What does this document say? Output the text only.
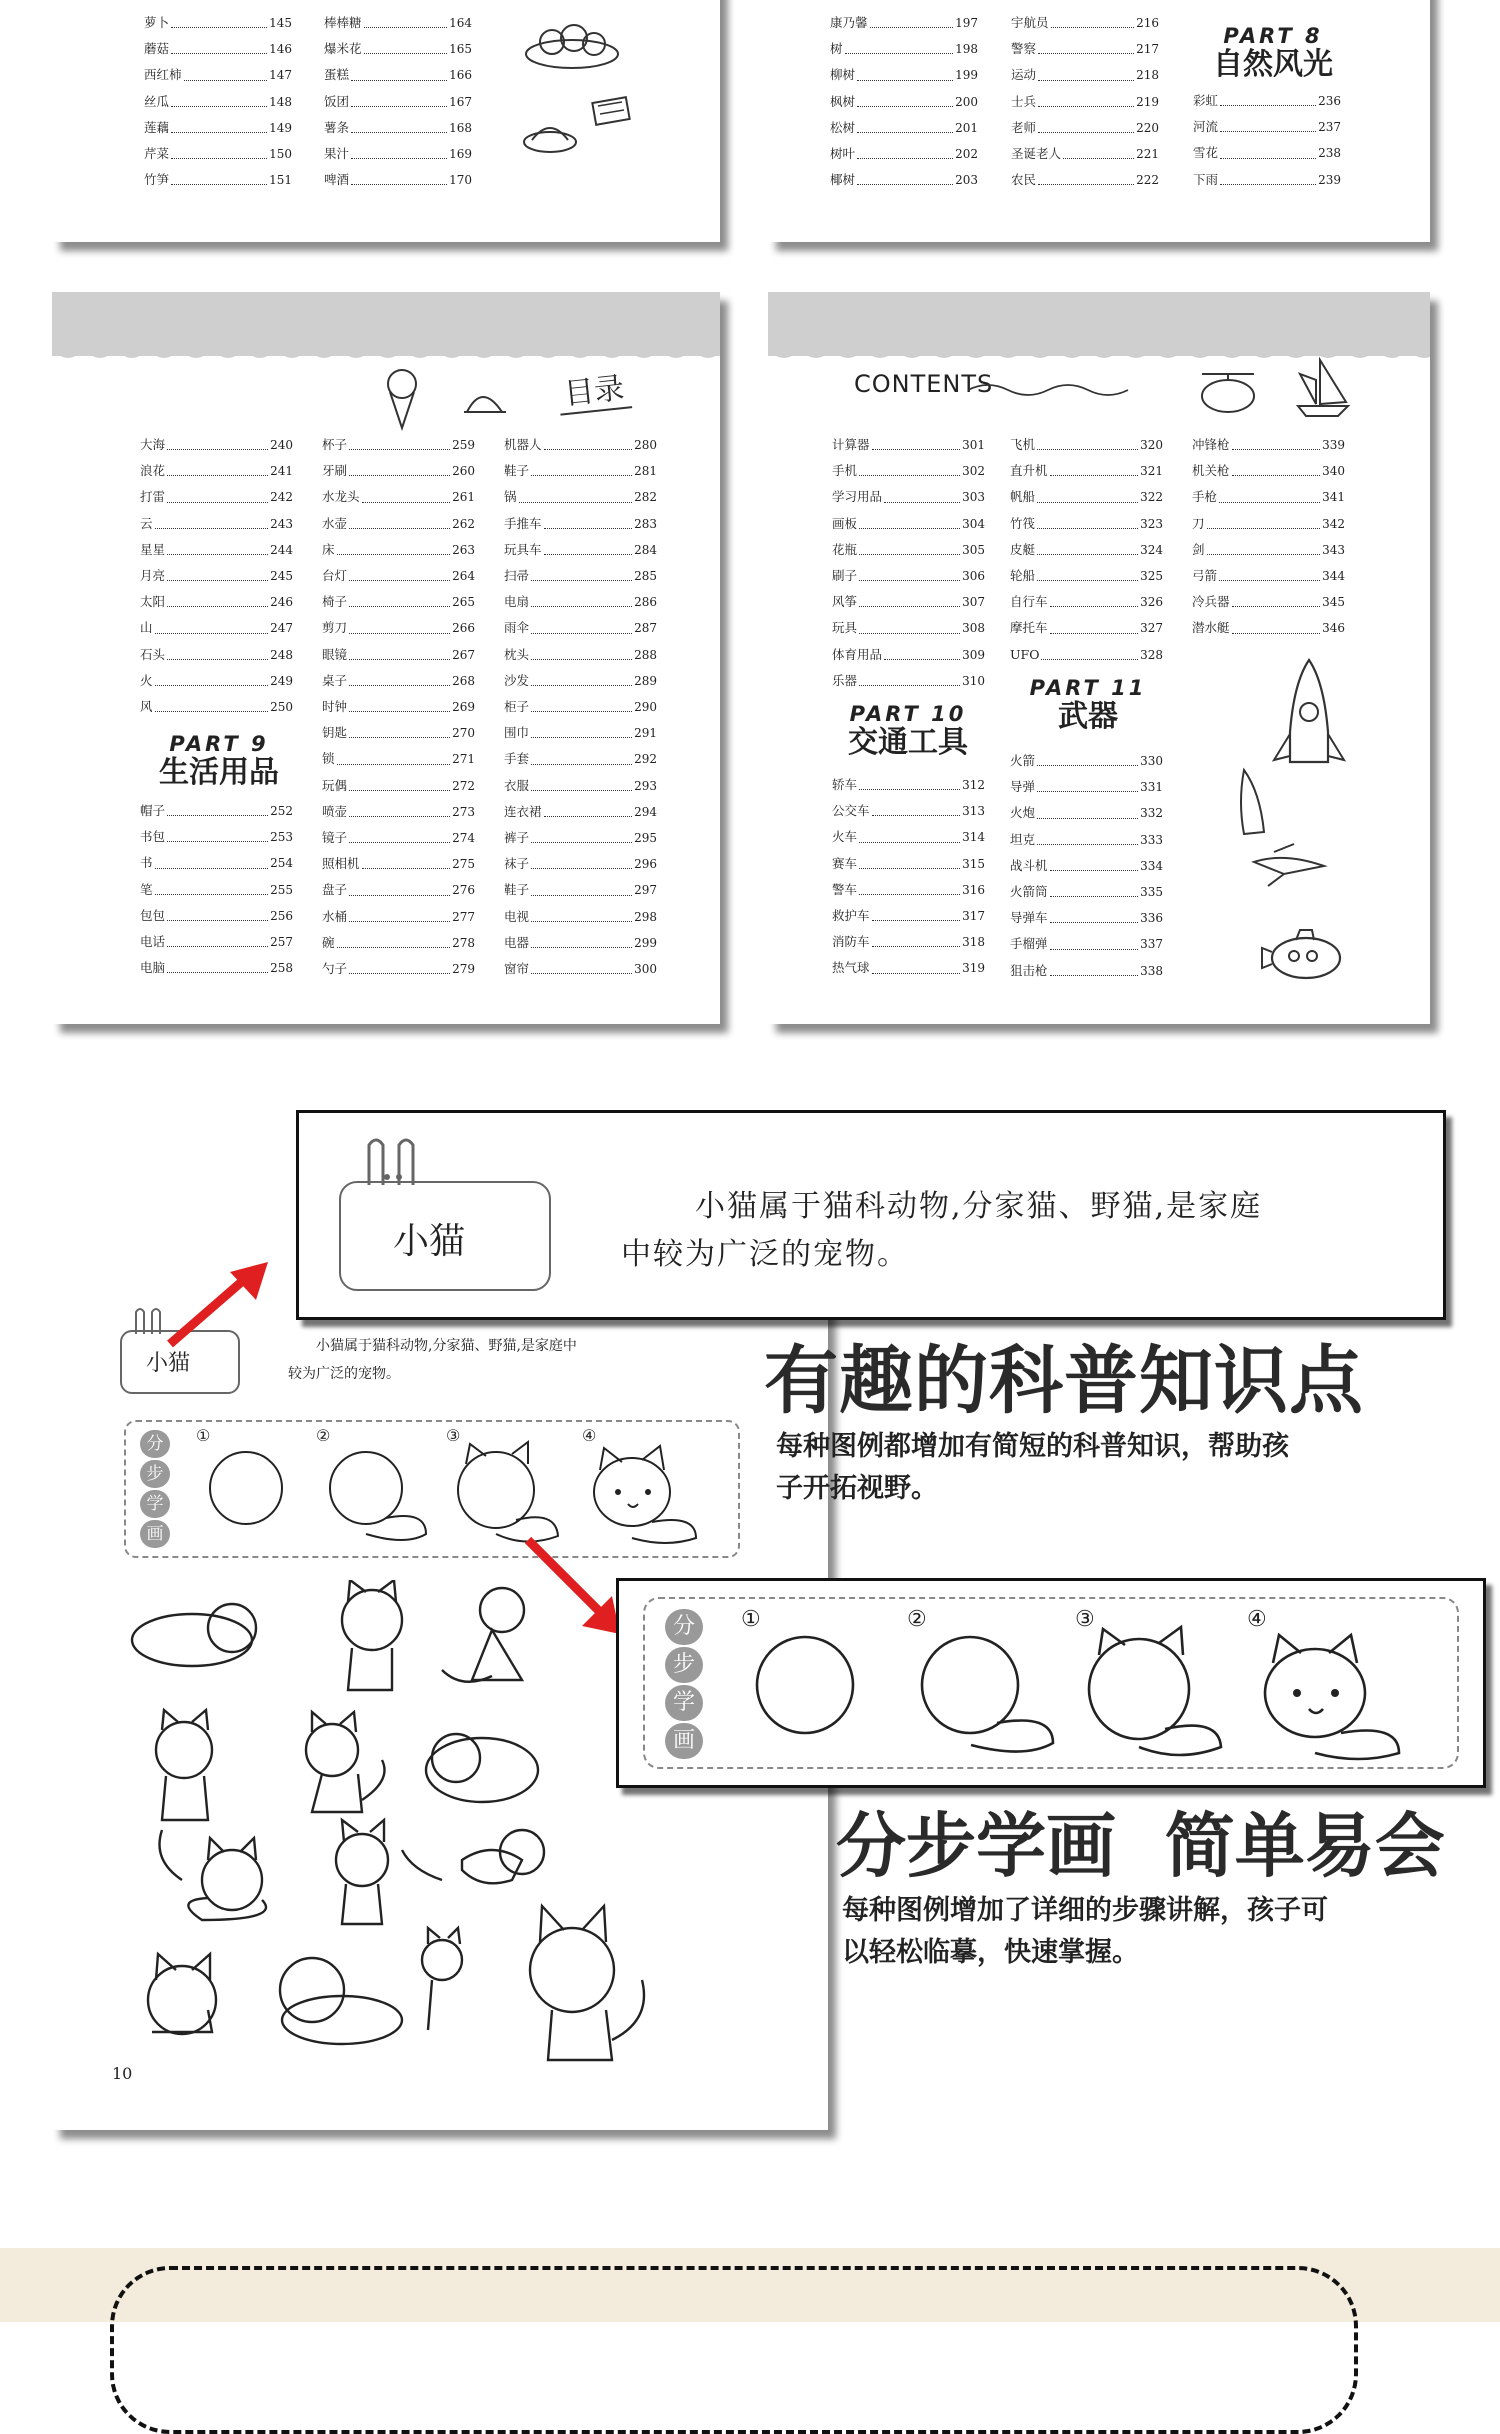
萝卜	145
蘑菇	146
西红柿	147
丝瓜	148
莲藕	149
芹菜	150
竹笋	151
棒棒糖	164
爆米花	165
蛋糕	166
饭团	167
薯条	168
果汁	169
啤酒	170
康乃馨	197
树	198
柳树	199
枫树	200
松树	201
树叶	202
椰树	203
宇航员	216
警察	217
运动	218
士兵	219
老师	220
圣诞老人	221
农民	222
彩虹	236
河流	237
雪花	238
下雨	239
PART 8
自然风光
目录
大海	240
浪花	241
打雷	242
云	243
星星	244
月亮	245
太阳	246
山	247
石头	248
火	249
风	250
PART 9
生活用品
帽子	252
书包	253
书	254
笔	255
包包	256
电话	257
电脑	258
杯子	259
牙刷	260
水龙头	261
水壶	262
床	263
台灯	264
椅子	265
剪刀	266
眼镜	267
桌子	268
时钟	269
钥匙	270
锁	271
玩偶	272
喷壶	273
镜子	274
照相机	275
盘子	276
水桶	277
碗	278
勺子	279
机器人	280
鞋子	281
锅	282
手推车	283
玩具车	284
扫帚	285
电扇	286
雨伞	287
枕头	288
沙发	289
柜子	290
围巾	291
手套	292
衣服	293
连衣裙	294
裤子	295
袜子	296
鞋子	297
电视	298
电器	299
窗帘	300
CONTENTS
计算器	301
手机	302
学习用品	303
画板	304
花瓶	305
刷子	306
风筝	307
玩具	308
体育用品	309
乐器	310
PART 10
交通工具
轿车	312
公交车	313
火车	314
赛车	315
警车	316
救护车	317
消防车	318
热气球	319
飞机	320
直升机	321
帆船	322
竹筏	323
皮艇	324
轮船	325
自行车	326
摩托车	327
UFO	328
PART 11
武器
火箭	330
导弹	331
火炮	332
坦克	333
战斗机	334
火箭筒	335
导弹车	336
手榴弹	337
狙击枪	338
冲锋枪	339
机关枪	340
手枪	341
刀	342
剑	343
弓箭	344
冷兵器	345
潜水艇	346
小猫
小猫属于猫科动物,分家猫、野猫,是家庭中较为广泛的宠物。
分
步
学
画
①	②	③	④
10
小猫
小猫属于猫科动物,分家猫、野猫,是家庭
中较为广泛的宠物。
有趣的科普知识点
每种图例都增加有简短的科普知识，帮助孩
子开拓视野。
分
步
学
画
①	②	③	④
分步学画  简单易会
每种图例增加了详细的步骤讲解，孩子可
以轻松临摹，快速掌握。
